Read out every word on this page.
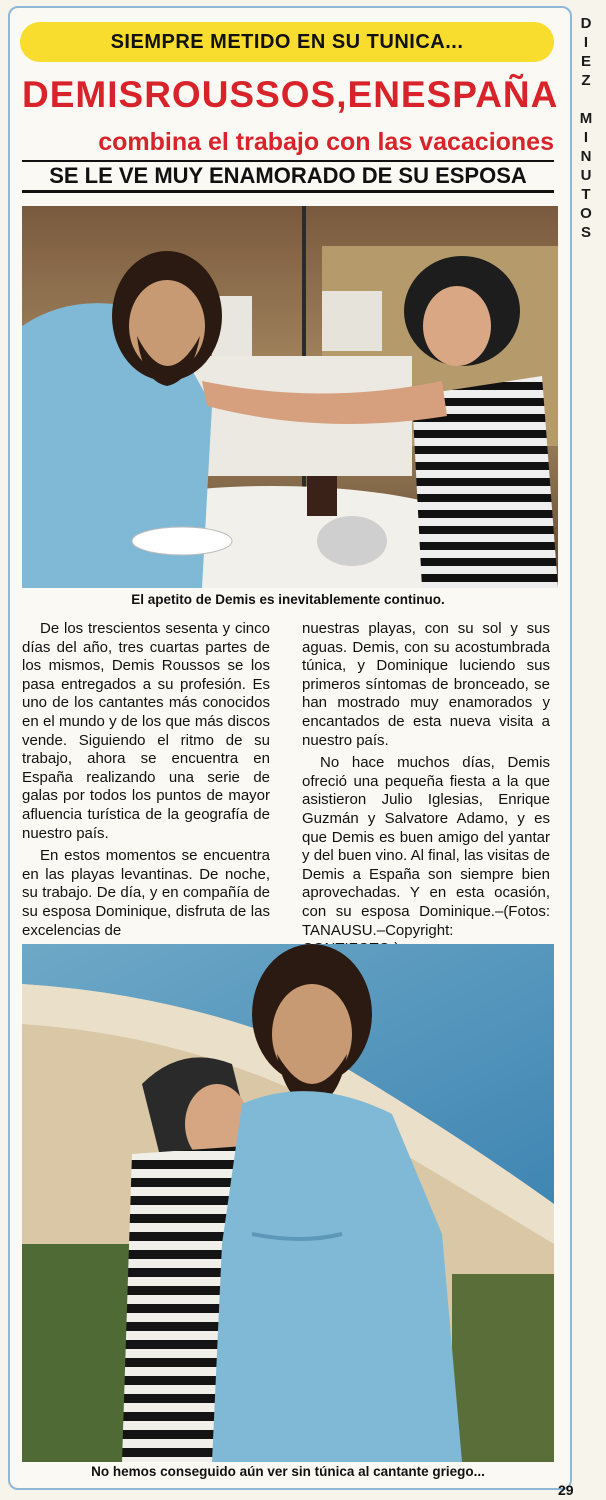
D
I
E
Z

M
I
N
U
T
O
S
SIEMPRE METIDO EN SU TUNICA...
DEMIS ROUSSOS, EN ESPAÑA
combina el trabajo con las vacaciones
SE LE VE MUY ENAMORADO DE SU ESPOSA
El apetito de Demis es inevitablemente continuo.

De los trescientos sesenta y cinco días del año, tres cuartas partes de los mismos, Demis Roussos se los pasa entregados a su profesión. Es uno de los cantantes más conocidos en el mundo y de los que más discos vende. Siguiendo el ritmo de su trabajo, ahora se encuentra en España realizando una serie de galas por todos los puntos de mayor afluencia turística de la geografía de nuestro país.

En estos momentos se encuentra en las playas levantinas. De noche, su trabajo. De día, y en compañía de su esposa Dominique, disfruta de las excelencias de

nuestras playas, con su sol y sus aguas. Demis, con su acostumbrada túnica, y Dominique luciendo sus primeros síntomas de bronceado, se han mostrado muy enamorados y encantados de esta nueva visita a nuestro país.

No hace muchos días, Demis ofreció una pequeña fiesta a la que asistieron Julio Iglesias, Enrique Guzmán y Salvatore Adamo, y es que Demis es buen amigo del yantar y del buen vino. Al final, las visitas de Demis a España son siempre bien aprovechadas. Y en esta ocasión, con su esposa Dominique.–(Fotos: TANAUSU.–Copyright:

No hemos conseguido aún ver sin túnica al cantante griego...
29
